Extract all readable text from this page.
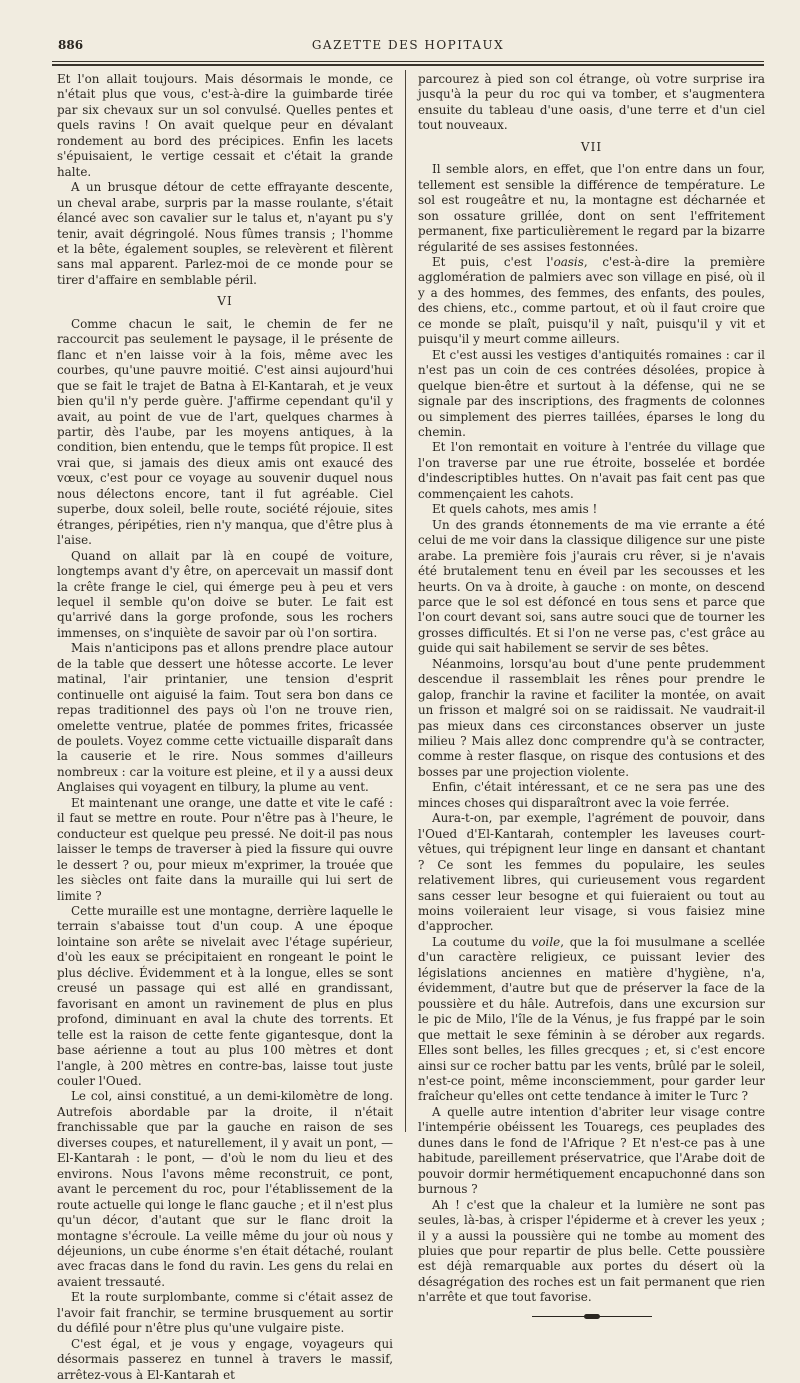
886	GAZETTE DES HOPITAUX

Et l'on allait toujours. Mais désormais le monde, ce n'était plus que vous, c'est-à-dire la guimbarde tirée par six chevaux sur un sol convulsé. Quelles pentes et quels ravins ! On avait quelque peur en dévalant rondement au bord des précipices. Enfin les lacets s'épuisaient, le vertige cessait et c'était la grande halte.

A un brusque détour de cette effrayante descente, un cheval arabe, surpris par la masse roulante, s'était élancé avec son cavalier sur le talus et, n'ayant pu s'y tenir, avait dégringolé. Nous fûmes transis ; l'homme et la bête, également souples, se relevèrent et filèrent sans mal apparent. Parlez-moi de ce monde pour se tirer d'affaire en semblable péril.

VI

Comme chacun le sait, le chemin de fer ne raccourcit pas seulement le paysage, il le présente de flanc et n'en laisse voir à la fois, même avec les courbes, qu'une pauvre moitié. C'est ainsi aujourd'hui que se fait le trajet de Batna à El-Kantarah, et je veux bien qu'il n'y perde guère. J'affirme cependant qu'il y avait, au point de vue de l'art, quelques charmes à partir, dès l'aube, par les moyens antiques, à la condition, bien entendu, que le temps fût propice. Il est vrai que, si jamais des dieux amis ont exaucé des vœux, c'est pour ce voyage au souvenir duquel nous nous délectons encore, tant il fut agréable. Ciel superbe, doux soleil, belle route, société réjouie, sites étranges, péripéties, rien n'y manqua, que d'être plus à l'aise.

Quand on allait par là en coupé de voiture, longtemps avant d'y être, on apercevait un massif dont la crête frange le ciel, qui émerge peu à peu et vers lequel il semble qu'on doive se buter. Le fait est qu'arrivé dans la gorge profonde, sous les rochers immenses, on s'inquiète de savoir par où l'on sortira.

Mais n'anticipons pas et allons prendre place autour de la table que dessert une hôtesse accorte. Le lever matinal, l'air printanier, une tension d'esprit continuelle ont aiguisé la faim. Tout sera bon dans ce repas traditionnel des pays où l'on ne trouve rien, omelette ventrue, platée de pommes frites, fricassée de poulets. Voyez comme cette victuaille disparaît dans la causerie et le rire. Nous sommes d'ailleurs nombreux : car la voiture est pleine, et il y a aussi deux Anglaises qui voyagent en tilbury, la plume au vent.

Et maintenant une orange, une datte et vite le café : il faut se mettre en route. Pour n'être pas à l'heure, le conducteur est quelque peu pressé. Ne doit-il pas nous laisser le temps de traverser à pied la fissure qui ouvre le dessert ? ou, pour mieux m'exprimer, la trouée que les siècles ont faite dans la muraille qui lui sert de limite ?

Cette muraille est une montagne, derrière laquelle le terrain s'abaisse tout d'un coup. A une époque lointaine son arête se nivelait avec l'étage supérieur, d'où les eaux se précipitaient en rongeant le point le plus déclive. Évidemment et à la longue, elles se sont creusé un passage qui est allé en grandissant, favorisant en amont un ravinement de plus en plus profond, diminuant en aval la chute des torrents. Et telle est la raison de cette fente gigantesque, dont la base aérienne a tout au plus 100 mètres et dont l'angle, à 200 mètres en contre-bas, laisse tout juste couler l'Oued.

Le col, ainsi constitué, a un demi-kilomètre de long. Autrefois abordable par la droite, il n'était franchissable que par la gauche en raison de ses diverses coupes, et naturellement, il y avait un pont, — El-Kantarah : le pont, — d'où le nom du lieu et des environs. Nous l'avons même reconstruit, ce pont, avant le percement du roc, pour l'établissement de la route actuelle qui longe le flanc gauche ; et il n'est plus qu'un décor, d'autant que sur le flanc droit la montagne s'écroule. La veille même du jour où nous y déjeunions, un cube énorme s'en était détaché, roulant avec fracas dans le fond du ravin. Les gens du relai en avaient tressauté.

Et la route surplombante, comme si c'était assez de l'avoir fait franchir, se termine brusquement au sortir du défilé pour n'être plus qu'une vulgaire piste.

C'est égal, et je vous y engage, voyageurs qui désormais passerez en tunnel à travers le massif, arrêtez-vous à El-Kantarah et

parcourez à pied son col étrange, où votre surprise ira jusqu'à la peur du roc qui va tomber, et s'augmentera ensuite du tableau d'une oasis, d'une terre et d'un ciel tout nouveaux.

VII

Il semble alors, en effet, que l'on entre dans un four, tellement est sensible la différence de température. Le sol est rougeâtre et nu, la montagne est décharnée et son ossature grillée, dont on sent l'effritement permanent, fixe particulièrement le regard par la bizarre régularité de ses assises festonnées.

Et puis, c'est l'oasis, c'est-à-dire la première agglomération de palmiers avec son village en pisé, où il y a des hommes, des femmes, des enfants, des poules, des chiens, etc., comme partout, et où il faut croire que ce monde se plaît, puisqu'il y naît, puisqu'il y vit et puisqu'il y meurt comme ailleurs.

Et c'est aussi les vestiges d'antiquités romaines : car il n'est pas un coin de ces contrées désolées, propice à quelque bien-être et surtout à la défense, qui ne se signale par des inscriptions, des fragments de colonnes ou simplement des pierres taillées, éparses le long du chemin.

Et l'on remontait en voiture à l'entrée du village que l'on traverse par une rue étroite, bosselée et bordée d'indescriptibles huttes. On n'avait pas fait cent pas que commençaient les cahots.

Et quels cahots, mes amis !

Un des grands étonnements de ma vie errante a été celui de me voir dans la classique diligence sur une piste arabe. La première fois j'aurais cru rêver, si je n'avais été brutalement tenu en éveil par les secousses et les heurts. On va à droite, à gauche : on monte, on descend parce que le sol est défoncé en tous sens et parce que l'on court devant soi, sans autre souci que de tourner les grosses difficultés. Et si l'on ne verse pas, c'est grâce au guide qui sait habilement se servir de ses bêtes.

Néanmoins, lorsqu'au bout d'une pente prudemment descendue il rassemblait les rênes pour prendre le galop, franchir la ravine et faciliter la montée, on avait un frisson et malgré soi on se raidissait. Ne vaudrait-il pas mieux dans ces circonstances observer un juste milieu ? Mais allez donc comprendre qu'à se contracter, comme à rester flasque, on risque des contusions et des bosses par une projection violente.

Enfin, c'était intéressant, et ce ne sera pas une des minces choses qui disparaîtront avec la voie ferrée.

Aura-t-on, par exemple, l'agrément de pouvoir, dans l'Oued d'El-Kantarah, contempler les laveuses court-vêtues, qui trépignent leur linge en dansant et chantant ? Ce sont les femmes du populaire, les seules relativement libres, qui curieusement vous regardent sans cesser leur besogne et qui fuieraient ou tout au moins voileraient leur visage, si vous faisiez mine d'approcher.

La coutume du voile, que la foi musulmane a scellée d'un caractère religieux, ce puissant levier des législations anciennes en matière d'hygiène, n'a, évidemment, d'autre but que de préserver la face de la poussière et du hâle. Autrefois, dans une excursion sur le pic de Milo, l'île de la Vénus, je fus frappé par le soin que mettait le sexe féminin à se dérober aux regards. Elles sont belles, les filles grecques ; et, si c'est encore ainsi sur ce rocher battu par les vents, brûlé par le soleil, n'est-ce point, même inconsciemment, pour garder leur fraîcheur qu'elles ont cette tendance à imiter le Turc ?

A quelle autre intention d'abriter leur visage contre l'intempérie obéissent les Touaregs, ces peuplades des dunes dans le fond de l'Afrique ? Et n'est-ce pas à une habitude, pareillement préservatrice, que l'Arabe doit de pouvoir dormir hermétiquement encapuchonné dans son burnous ?

Ah ! c'est que la chaleur et la lumière ne sont pas seules, là-bas, à crisper l'épiderme et à crever les yeux ; il y a aussi la poussière qui ne tombe au moment des pluies que pour repartir de plus belle. Cette poussière est déjà remarquable aux portes du désert où la désagrégation des roches est un fait permanent que rien n'arrête et que tout favorise.
